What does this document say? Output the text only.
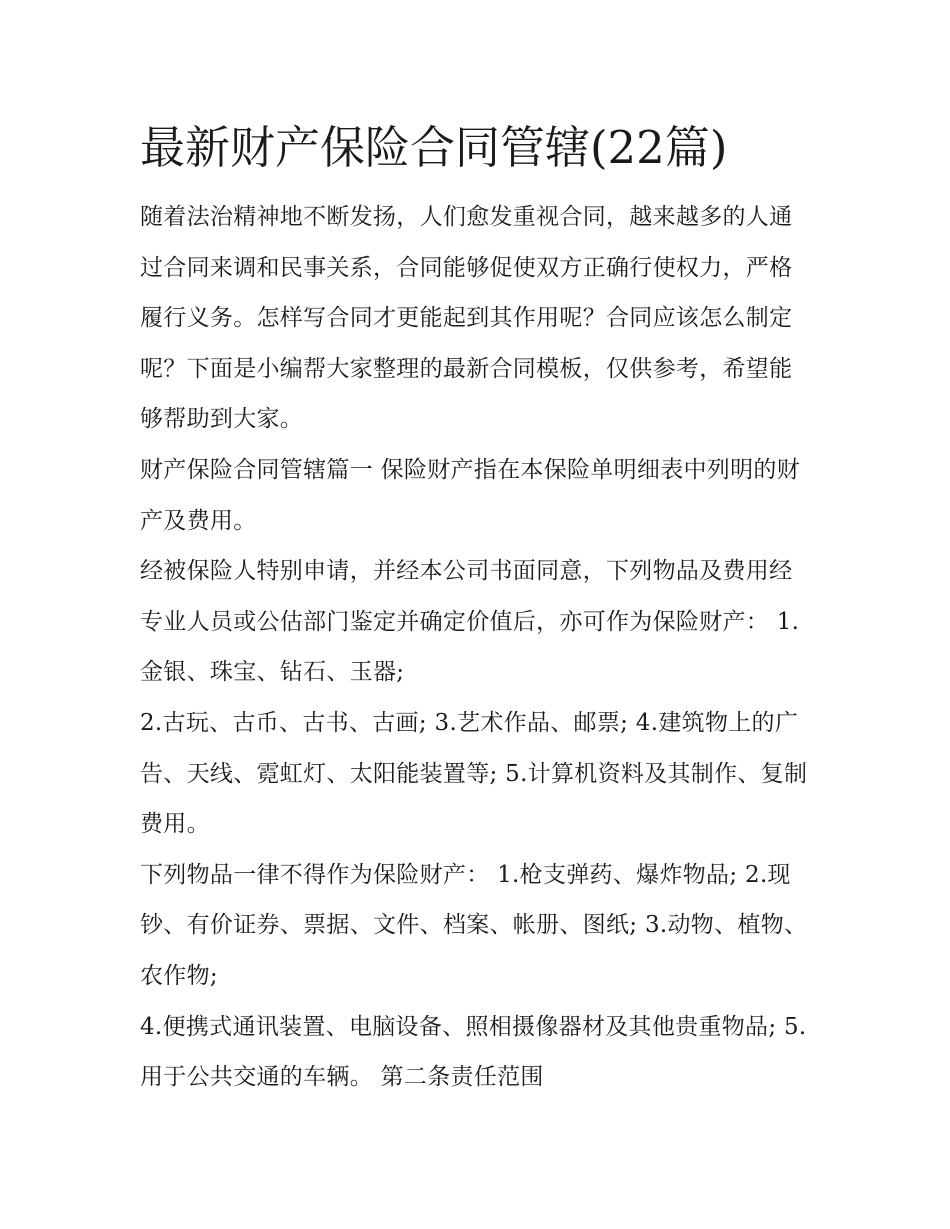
最新财产保险合同管辖(22篇)

随着法治精神地不断发扬，人们愈发重视合同，越来越多的人通过合同来调和民事关系，合同能够促使双方正确行使权力，严格履行义务。怎样写合同才更能起到其作用呢？合同应该怎么制定呢？下面是小编帮大家整理的最新合同模板，仅供参考，希望能够帮助到大家。

财产保险合同管辖篇一 保险财产指在本保险单明细表中列明的财产及费用。

经被保险人特别申请，并经本公司书面同意，下列物品及费用经专业人员或公估部门鉴定并确定价值后，亦可作为保险财产： 1.金银、珠宝、钻石、玉器;

2.古玩、古币、古书、古画; 3.艺术作品、邮票; 4.建筑物上的广告、天线、霓虹灯、太阳能装置等; 5.计算机资料及其制作、复制费用。

下列物品一律不得作为保险财产： 1.枪支弹药、爆炸物品; 2.现钞、有价证券、票据、文件、档案、帐册、图纸; 3.动物、植物、农作物;

4.便携式通讯装置、电脑设备、照相摄像器材及其他贵重物品; 5.用于公共交通的车辆。 第二条责任范围
